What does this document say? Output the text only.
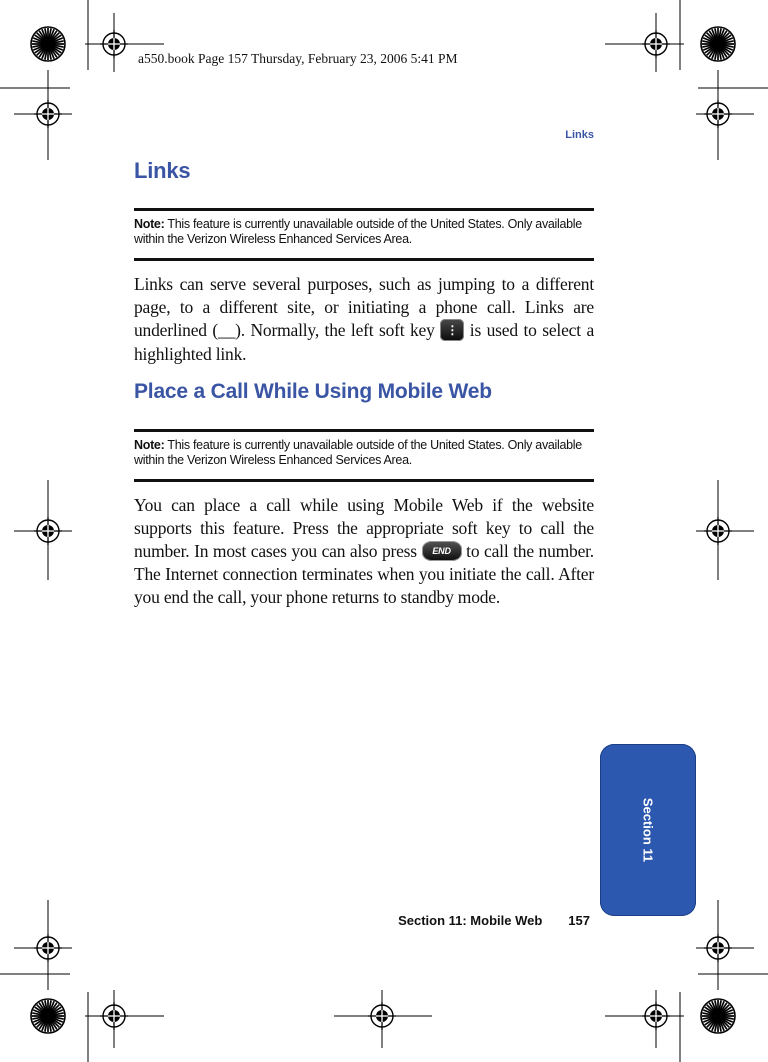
a550.book Page 157 Thursday, February 23, 2006 5:41 PM
Links
Links
Note: This feature is currently unavailable outside of the United States. Only available within the Verizon Wireless Enhanced Services Area.

Links can serve several purposes, such as jumping to a different page, to a different site, or initiating a phone call. Links are underlined (__). Normally, the left soft key ⋮ is used to select a highlighted link.

Place a Call While Using Mobile Web
Note: This feature is currently unavailable outside of the United States. Only available within the Verizon Wireless Enhanced Services Area.

You can place a call while using Mobile Web if the website supports this feature. Press the appropriate soft key to call the number. In most cases you can also press END to call the number. The Internet connection terminates when you initiate the call. After you end the call, your phone returns to standby mode.

Section 11
Section 11: Mobile Web 157
